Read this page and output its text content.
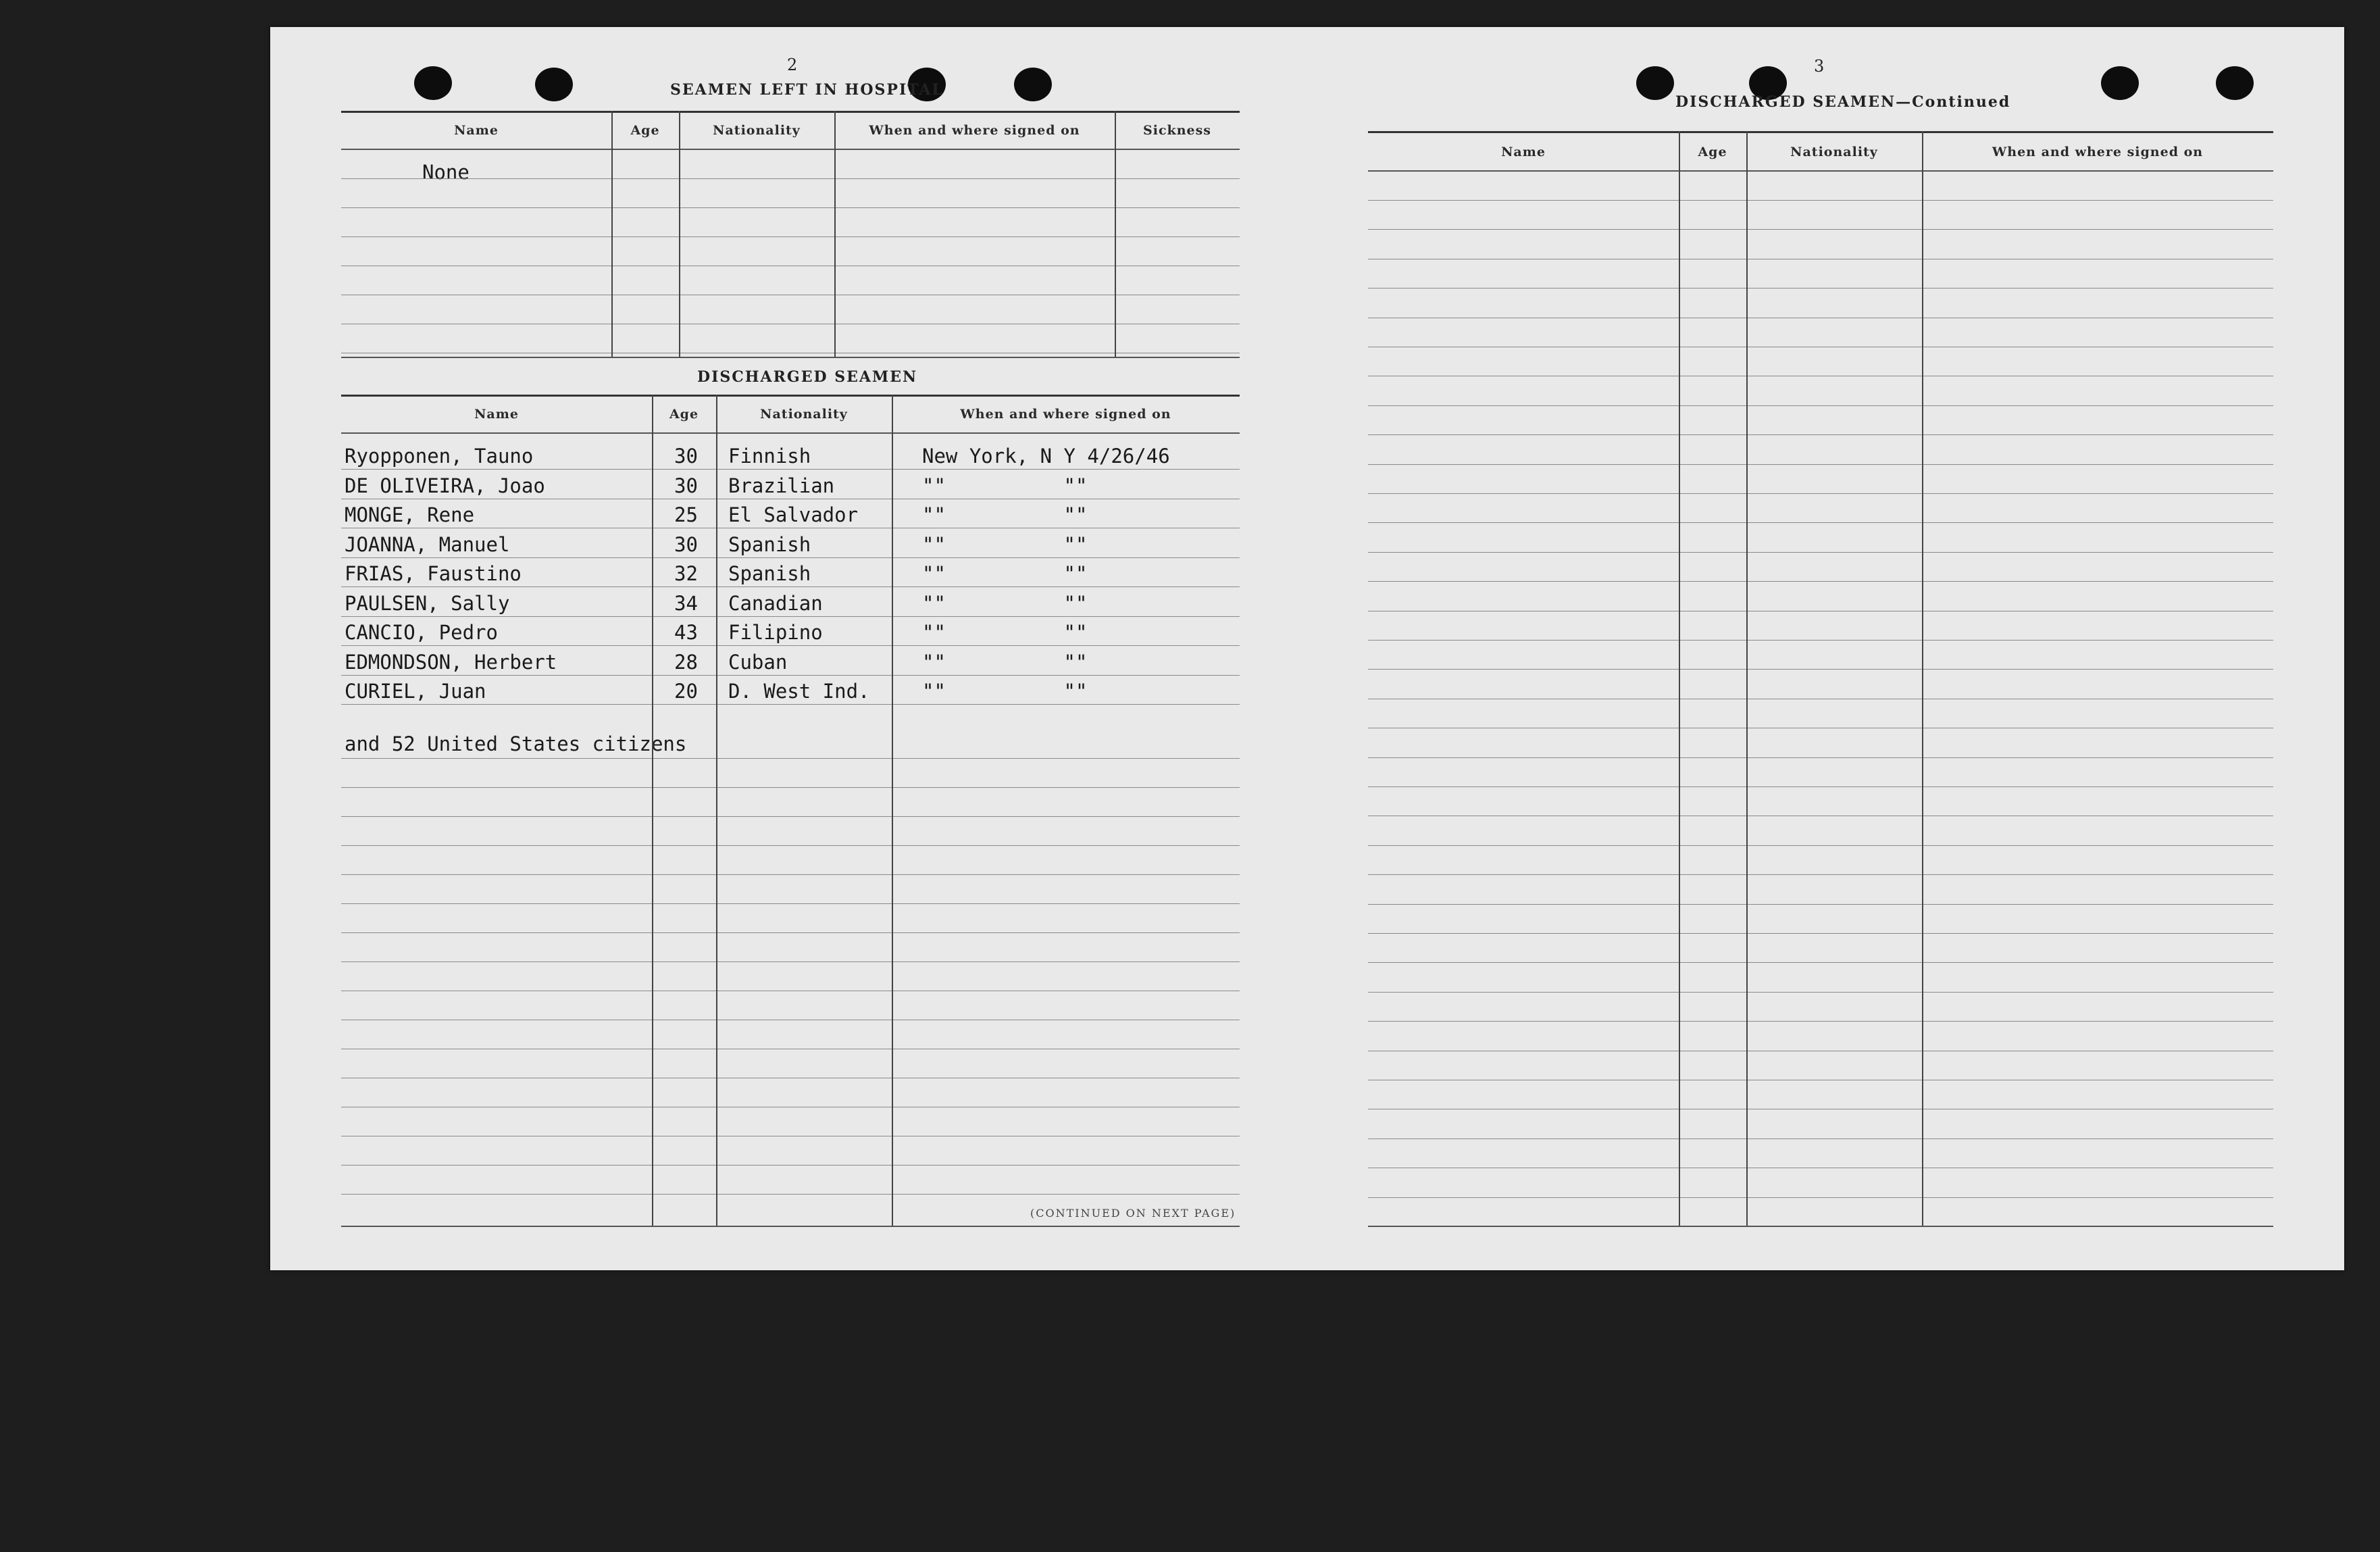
2
SEAMEN LEFT IN HOSPITAL
Name	Age	Nationality	When and where signed on	Sickness
None
DISCHARGED SEAMEN
Name	Age	Nationality	When and where signed on
Ryopponen, Tauno	30 Finnish	New York, N Y 4/26/46
DE OLIVEIRA, Joao	30 Brazilian	""          ""
MONGE, Rene	25 El Salvador	""          ""
JOANNA, Manuel	30 Spanish	""          ""
FRIAS, Faustino	32 Spanish	""          ""
PAULSEN, Sally	34 Canadian	""          ""
CANCIO, Pedro	43 Filipino	""          ""
EDMONDSON, Herbert	28 Cuban	""          ""
CURIEL, Juan	20 D. West Ind.	""          ""
and 52 United States citizens
(CONTINUED ON NEXT PAGE)
3
DISCHARGED SEAMEN—Continued
Name	Age	Nationality	When and where signed on
